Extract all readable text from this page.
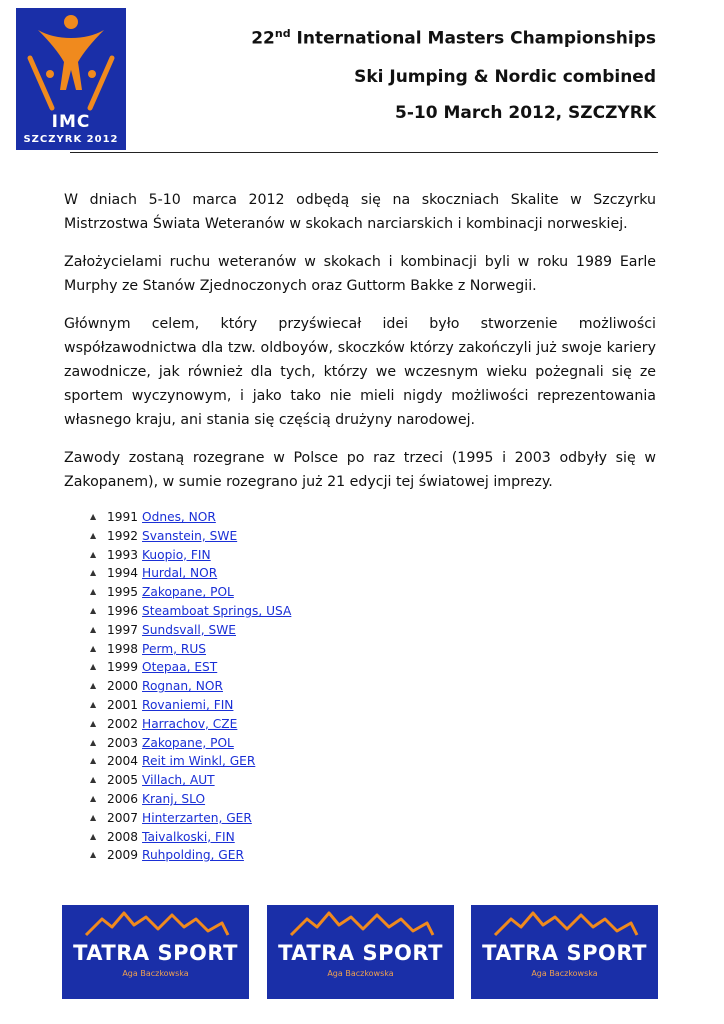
IMC
SZCZYRK 2012
22nd International Masters Championships
Ski Jumping & Nordic combined
5-10 March 2012, SZCZYRK

W dniach 5-10 marca 2012 odbędą się na skoczniach Skalite w Szczyrku Mistrzostwa Świata Weteranów w skokach narciarskich i kombinacji norweskiej.

Założycielami ruchu weteranów w skokach i kombinacji byli w roku 1989 Earle Murphy ze Stanów Zjednoczonych oraz Guttorm Bakke z Norwegii.

Głównym celem, który przyświecał idei było stworzenie możliwości współzawodnictwa dla tzw. oldboyów, skoczków którzy zakończyli już swoje kariery zawodnicze, jak również dla tych, którzy we wczesnym wieku pożegnali się ze sportem wyczynowym, i jako tako nie mieli nigdy możliwości reprezentowania własnego kraju, ani stania się częścią drużyny narodowej.

Zawody zostaną rozegrane w Polsce po raz trzeci (1995 i 2003 odbyły się w Zakopanem), w sumie rozegrano już 21 edycji tej światowej imprezy.

▲ 1991 Odnes, NOR
▲ 1992 Svanstein, SWE
▲ 1993 Kuopio, FIN
▲ 1994 Hurdal, NOR
▲ 1995 Zakopane, POL
▲ 1996 Steamboat Springs, USA
▲ 1997 Sundsvall, SWE
▲ 1998 Perm, RUS
▲ 1999 Otepaa, EST
▲ 2000 Rognan, NOR
▲ 2001 Rovaniemi, FIN
▲ 2002 Harrachov, CZE
▲ 2003 Zakopane, POL
▲ 2004 Reit im Winkl, GER
▲ 2005 Villach, AUT
▲ 2006 Kranj, SLO
▲ 2007 Hinterzarten, GER
▲ 2008 Taivalkoski, FIN
▲ 2009 Ruhpolding, GER
TATRA SPORT
Aga Baczkowska
TATRA SPORT
Aga Baczkowska
TATRA SPORT
Aga Baczkowska
